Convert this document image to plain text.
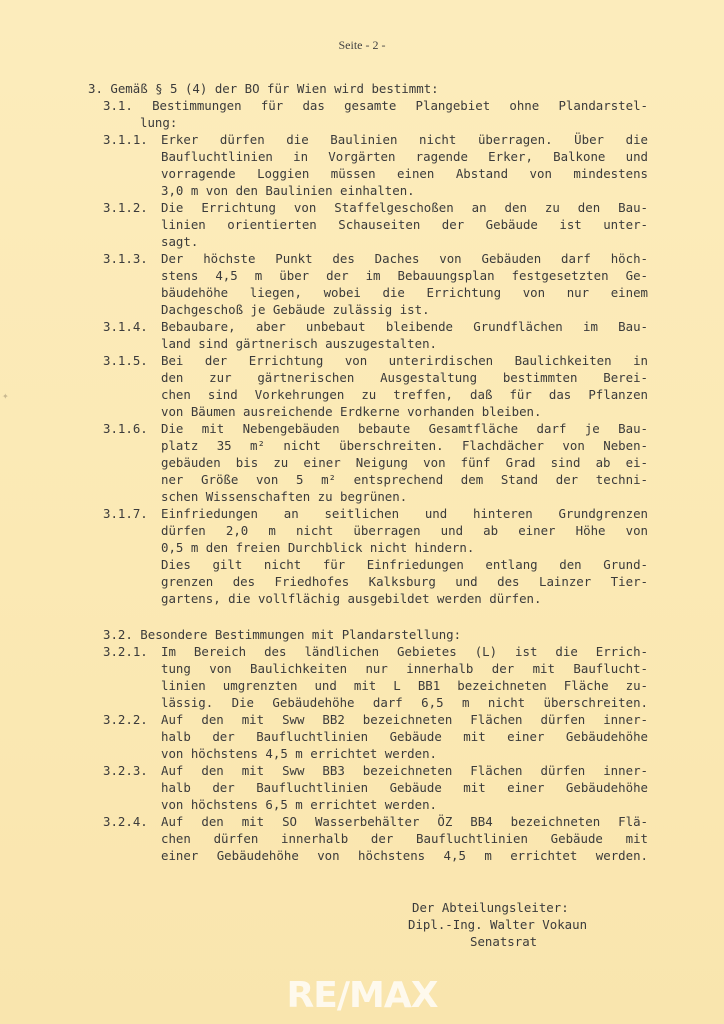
Seite - 2 -
✦
3. Gemäß § 5 (4) der BO für Wien wird bestimmt:
3.1. Bestimmungen für das gesamte Plangebiet ohne Plandarstel-
lung:
3.1.1. Erker dürfen die Baulinien nicht überragen. Über die
Baufluchtlinien in Vorgärten ragende Erker, Balkone und
vorragende Loggien müssen einen Abstand von mindestens
3,0 m von den Baulinien einhalten.
3.1.2. Die Errichtung von Staffelgeschoßen an den zu den Bau-
linien orientierten Schauseiten der Gebäude ist unter-
sagt.
3.1.3. Der höchste Punkt des Daches von Gebäuden darf höch-
stens 4,5 m über der im Bebauungsplan festgesetzten Ge-
bäudehöhe liegen, wobei die Errichtung von nur einem
Dachgeschoß je Gebäude zulässig ist.
3.1.4. Bebaubare, aber unbebaut bleibende Grundflächen im Bau-
land sind gärtnerisch auszugestalten.
3.1.5. Bei der Errichtung von unterirdischen Baulichkeiten in
den zur gärtnerischen Ausgestaltung bestimmten Berei-
chen sind Vorkehrungen zu treffen, daß für das Pflanzen
von Bäumen ausreichende Erdkerne vorhanden bleiben.
3.1.6. Die mit Nebengebäuden bebaute Gesamtfläche darf je Bau-
platz 35 m² nicht überschreiten. Flachdächer von Neben-
gebäuden bis zu einer Neigung von fünf Grad sind ab ei-
ner Größe von 5 m² entsprechend dem Stand der techni-
schen Wissenschaften zu begrünen.
3.1.7. Einfriedungen an seitlichen und hinteren Grundgrenzen
dürfen 2,0 m nicht überragen und ab einer Höhe von
0,5 m den freien Durchblick nicht hindern.
Dies gilt nicht für Einfriedungen entlang den Grund-
grenzen des Friedhofes Kalksburg und des Lainzer Tier-
gartens, die vollflächig ausgebildet werden dürfen.
3.2. Besondere Bestimmungen mit Plandarstellung:
3.2.1. Im Bereich des ländlichen Gebietes (L) ist die Errich-
tung von Baulichkeiten nur innerhalb der mit Bauflucht-
linien umgrenzten und mit L BB1 bezeichneten Fläche zu-
lässig. Die Gebäudehöhe darf 6,5 m nicht überschreiten.
3.2.2. Auf den mit Sww BB2 bezeichneten Flächen dürfen inner-
halb der Baufluchtlinien Gebäude mit einer Gebäudehöhe
von höchstens 4,5 m errichtet werden.
3.2.3. Auf den mit Sww BB3 bezeichneten Flächen dürfen inner-
halb der Baufluchtlinien Gebäude mit einer Gebäudehöhe
von höchstens 6,5 m errichtet werden.
3.2.4. Auf den mit SO Wasserbehälter ÖZ BB4 bezeichneten Flä-
chen dürfen innerhalb der Baufluchtlinien Gebäude mit
einer Gebäudehöhe von höchstens 4,5 m errichtet werden.
Der Abteilungsleiter:
Dipl.-Ing. Walter Vokaun
Senatsrat
RE/MAX
